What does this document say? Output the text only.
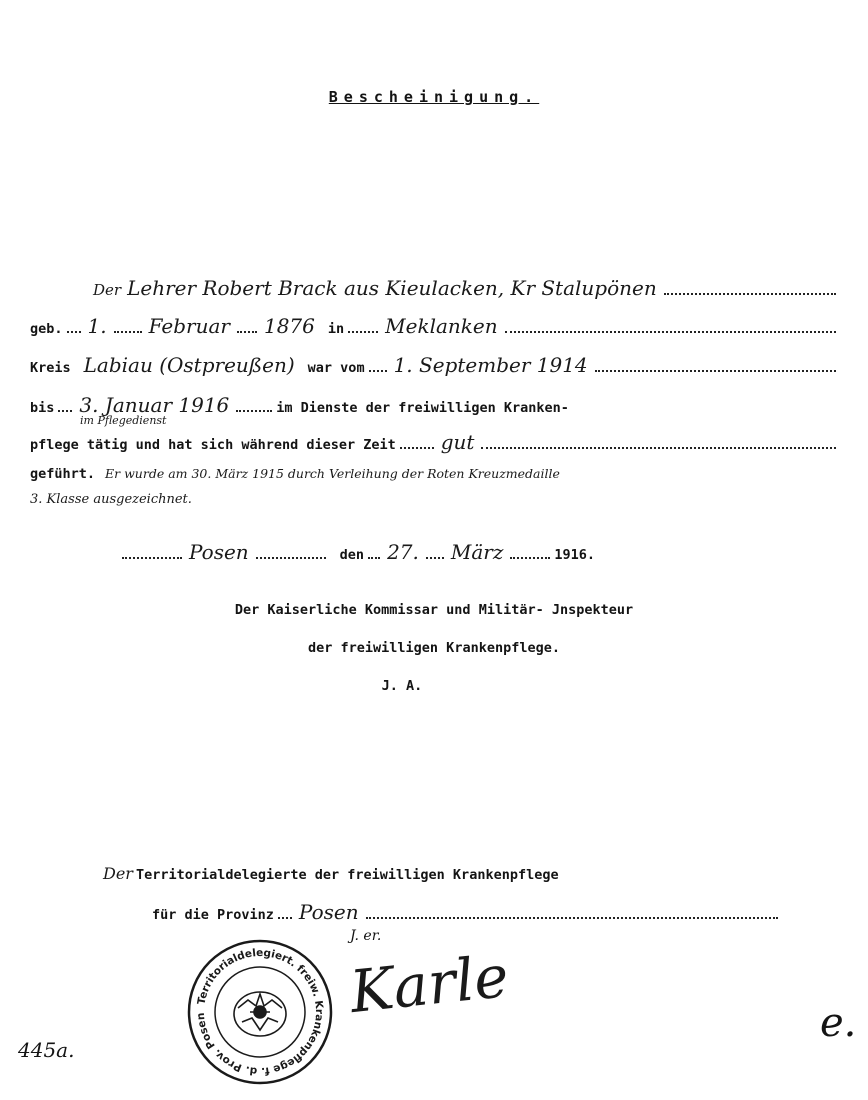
Bescheinigung.
Der Lehrer Robert Brack aus Kieulacken, Kr Stalupönen
geb. 1. Februar 1876 in Meklanken
Kreis Labiau (Ostpreußen) war vom 1. September 1914
bis 3. Januar 1916	im Dienste der freiwilligen Kranken-
im Pflegedienst
pflege tätig und hat sich während dieser Zeit gut
geführt. Er wurde am 30. März 1915 durch Verleihung der Roten Kreuzmedaille
3. Klasse ausgezeichnet.
Posen	den 27. März	1916.
Der Kaiserliche Kommissar und Militär- Jnspekteur
der freiwilligen Krankenpflege.
J. A.
Der Territorialdelegierte der freiwilligen Krankenpflege
für die Provinz Posen
J. er.
Territorialdelegiert. freiw. Krankenpflege f. d. Prov. Posen	Karle	e.
445a.
